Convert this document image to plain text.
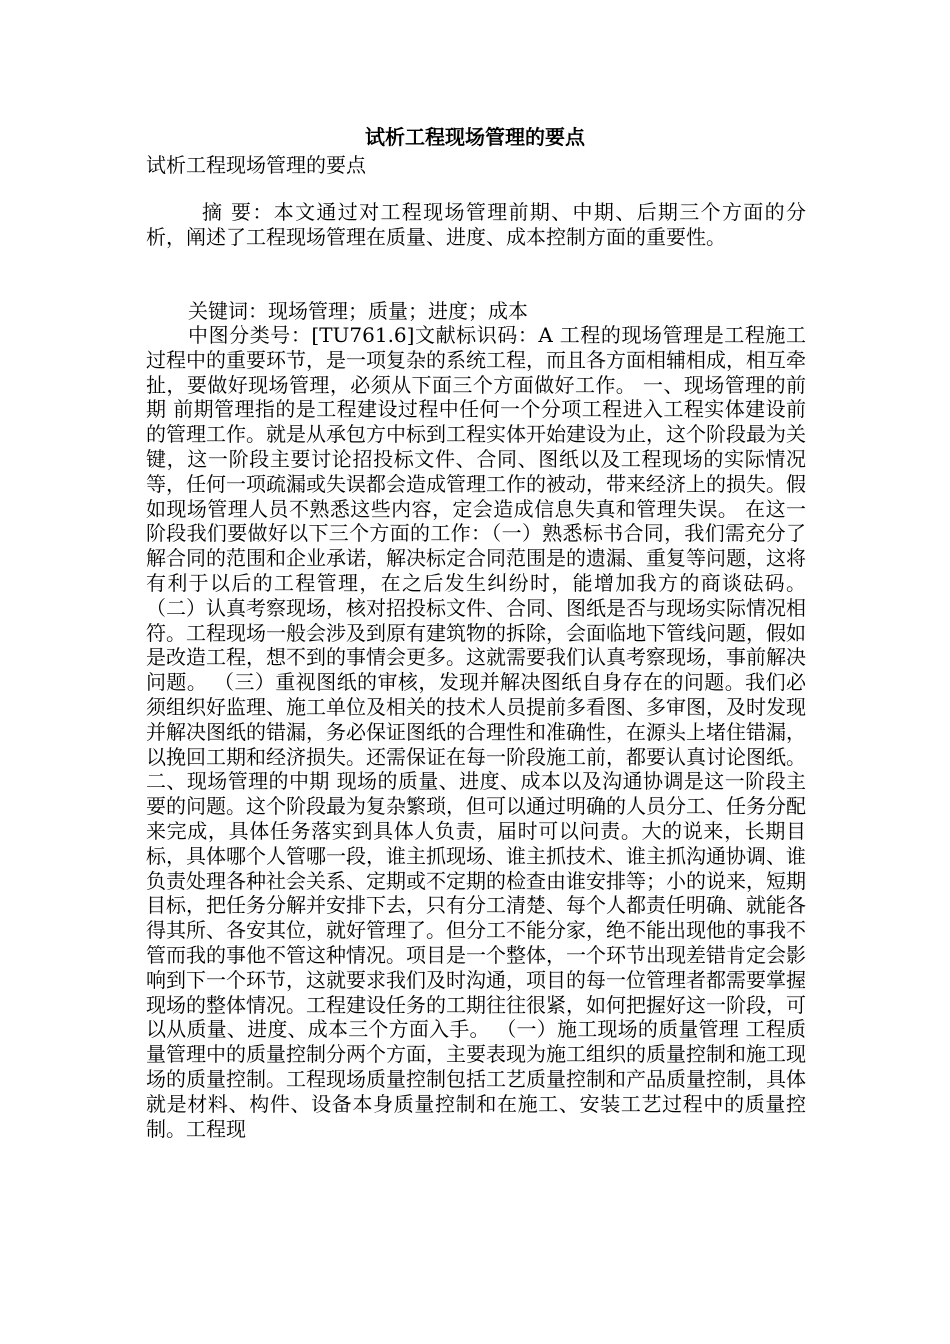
试析工程现场管理的要点

试析工程现场管理的要点

摘 要：本文通过对工程现场管理前期、中期、后期三个方面的分析，阐述了工程现场管理在质量、进度、成本控制方面的重要性。

关键词：现场管理；质量；进度；成本

中图分类号：[TU761.6]文献标识码：A 工程的现场管理是工程施工过程中的重要环节，是一项复杂的系统工程，而且各方面相辅相成，相互牵扯，要做好现场管理，必须从下面三个方面做好工作。 一、现场管理的前期 前期管理指的是工程建设过程中任何一个分项工程进入工程实体建设前的管理工作。就是从承包方中标到工程实体开始建设为止，这个阶段最为关键，这一阶段主要讨论招投标文件、合同、图纸以及工程现场的实际情况等，任何一项疏漏或失误都会造成管理工作的被动，带来经济上的损失。假如现场管理人员不熟悉这些内容，定会造成信息失真和管理失误。 在这一阶段我们要做好以下三个方面的工作：（一）熟悉标书合同，我们需充分了解合同的范围和企业承诺，解决标定合同范围是的遗漏、重复等问题，这将有利于以后的工程管理，在之后发生纠纷时，能增加我方的商谈砝码。 （二）认真考察现场，核对招投标文件、合同、图纸是否与现场实际情况相符。工程现场一般会涉及到原有建筑物的拆除，会面临地下管线问题，假如是改造工程，想不到的事情会更多。这就需要我们认真考察现场，事前解决问题。 （三）重视图纸的审核，发现并解决图纸自身存在的问题。我们必须组织好监理、施工单位及相关的技术人员提前多看图、多审图，及时发现并解决图纸的错漏，务必保证图纸的合理性和准确性，在源头上堵住错漏，以挽回工期和经济损失。还需保证在每一阶段施工前，都要认真讨论图纸。 二、现场管理的中期 现场的质量、进度、成本以及沟通协调是这一阶段主要的问题。这个阶段最为复杂繁琐，但可以通过明确的人员分工、任务分配来完成，具体任务落实到具体人负责，届时可以问责。大的说来，长期目标，具体哪个人管哪一段，谁主抓现场、谁主抓技术、谁主抓沟通协调、谁负责处理各种社会关系、定期或不定期的检查由谁安排等；小的说来，短期目标，把任务分解并安排下去，只有分工清楚、每个人都责任明确、就能各得其所、各安其位，就好管理了。但分工不能分家，绝不能出现他的事我不管而我的事他不管这种情况。项目是一个整体，一个环节出现差错肯定会影响到下一个环节，这就要求我们及时沟通，项目的每一位管理者都需要掌握现场的整体情况。工程建设任务的工期往往很紧，如何把握好这一阶段，可以从质量、进度、成本三个方面入手。 （一）施工现场的质量管理 工程质量管理中的质量控制分两个方面，主要表现为施工组织的质量控制和施工现场的质量控制。工程现场质量控制包括工艺质量控制和产品质量控制，具体就是材料、构件、设备本身质量控制和在施工、安装工艺过程中的质量控制。工程现
